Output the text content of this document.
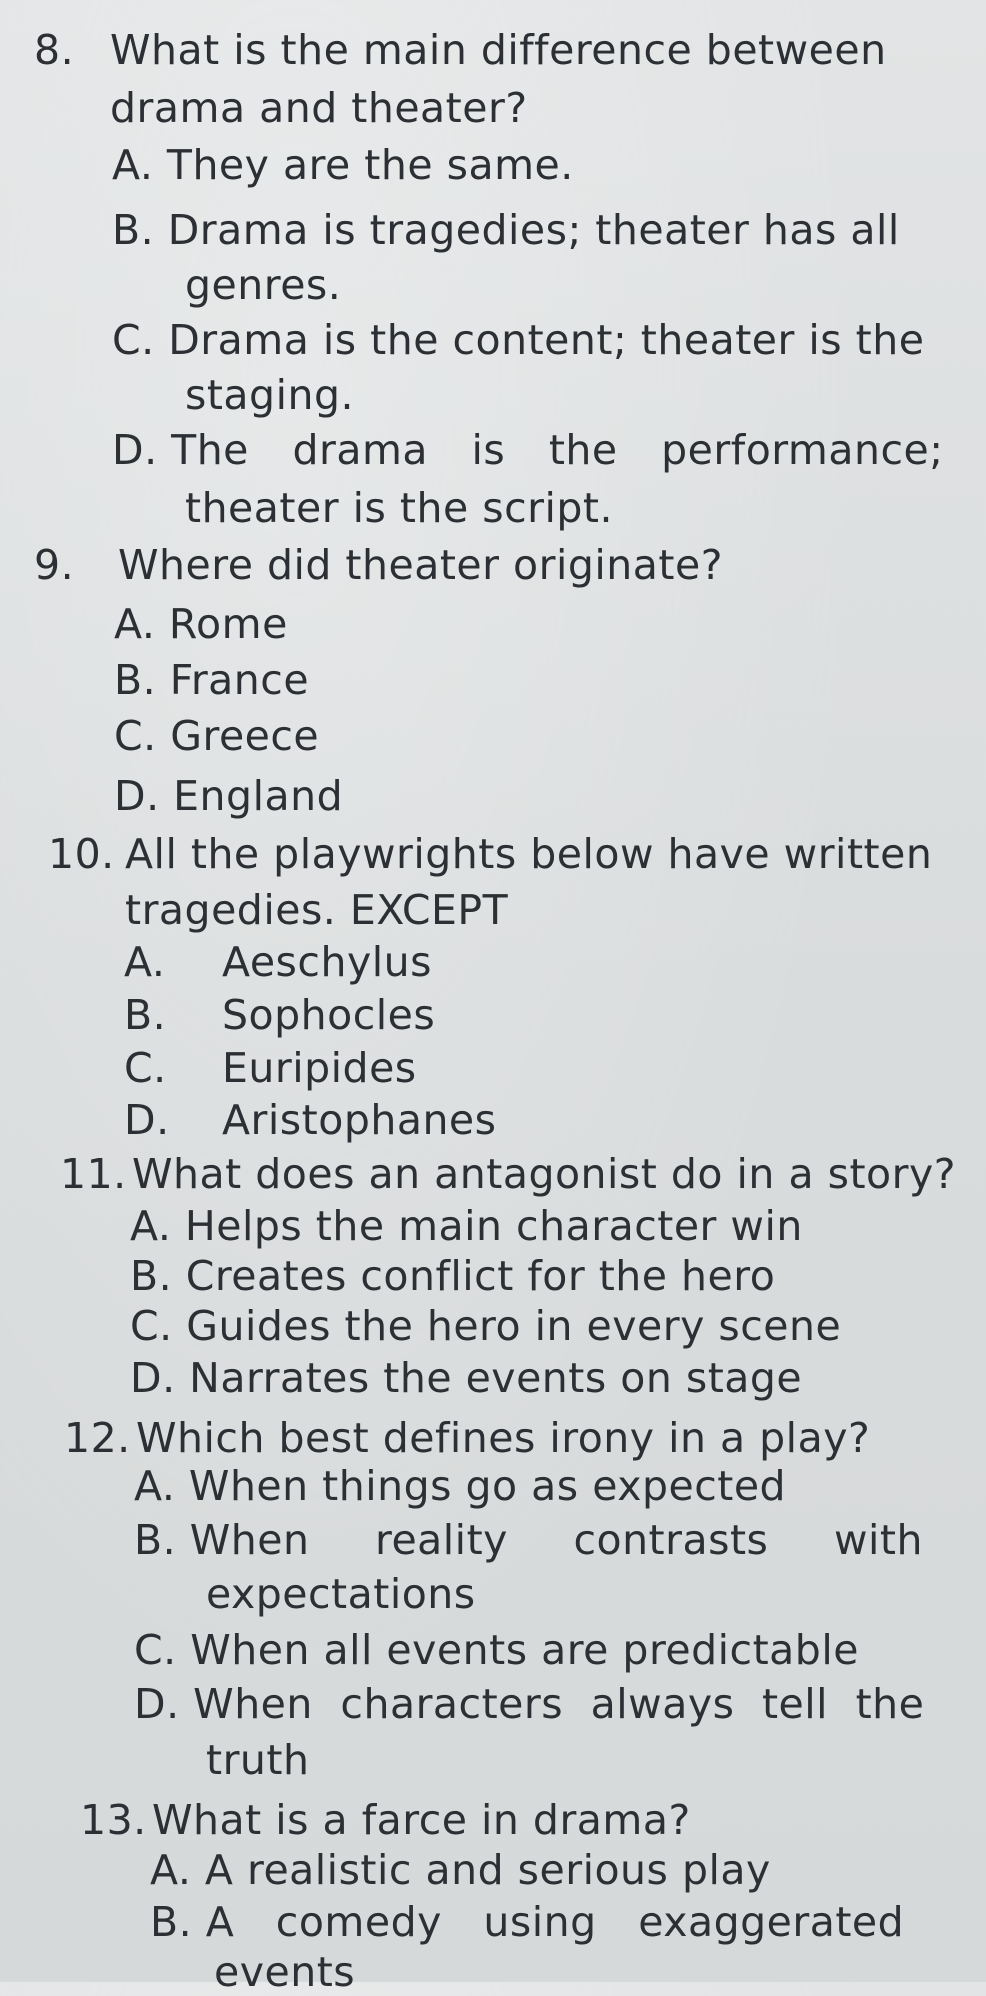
8. What is the main difference between
drama and theater?
A. They are the same.
B. Drama is tragedies; theater has all
genres.
C. Drama is the content; theater is the
staging.
D. The drama is the performance;
theater is the script.
9. Where did theater originate?
A. Rome
B. France
C. Greece
D. England
10. All the playwrights below have written
tragedies. EXCEPT
A. Aeschylus
B. Sophocles
C. Euripides
D. Aristophanes
11. What does an antagonist do in a story?
A. Helps the main character win
B. Creates conflict for the hero
C. Guides the hero in every scene
D. Narrates the events on stage
12. Which best defines irony in a play?
A. When things go as expected
B. When reality contrasts with
expectations
C. When all events are predictable
D. When characters always tell the
truth
13. What is a farce in drama?
A. A realistic and serious play
B. A comedy using exaggerated
events
